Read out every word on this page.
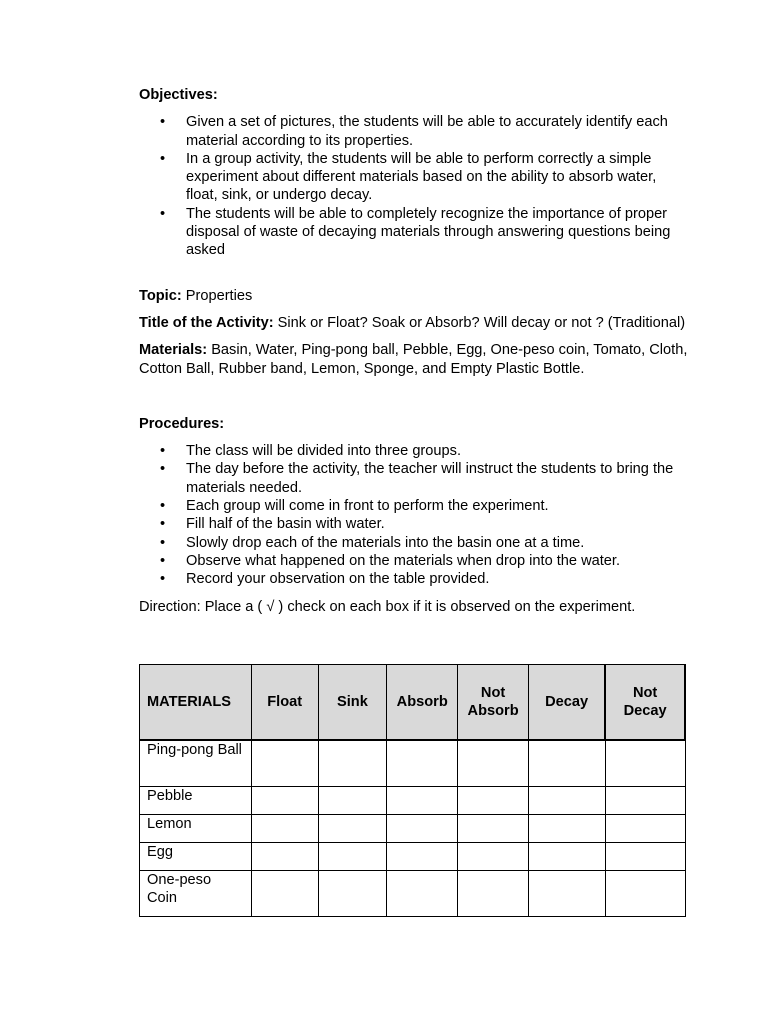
Objectives:

• Given a set of pictures, the students will be able to accurately identify each material according to its properties.
• In a group activity, the students will be able to perform correctly a simple experiment about different materials based on the ability to absorb water, float, sink, or undergo decay.
• The students will be able to completely recognize the importance of proper disposal of waste of decaying materials through answering questions being asked

Topic: Properties

Title of the Activity: Sink or Float? Soak or Absorb? Will decay or not ? (Traditional)

Materials: Basin, Water, Ping-pong ball, Pebble, Egg, One-peso coin, Tomato, Cloth, Cotton Ball, Rubber band, Lemon, Sponge, and Empty Plastic Bottle.

Procedures:

• The class will be divided into three groups.
• The day before the activity, the teacher will instruct the students to bring the materials needed.
• Each group will come in front to perform the experiment.
• Fill half of the basin with water.
• Slowly drop each of the materials into the basin one at a time.
• Observe what happened on the materials when drop into the water.
• Record your observation on the table provided.

Direction: Place a ( √ ) check on each box if it is observed on the experiment.

MATERIALS	Float	Sink	Absorb	Not Absorb	Decay	Not Decay
Ping-pong Ball						
Pebble						
Lemon						
Egg						
One-peso Coin						
